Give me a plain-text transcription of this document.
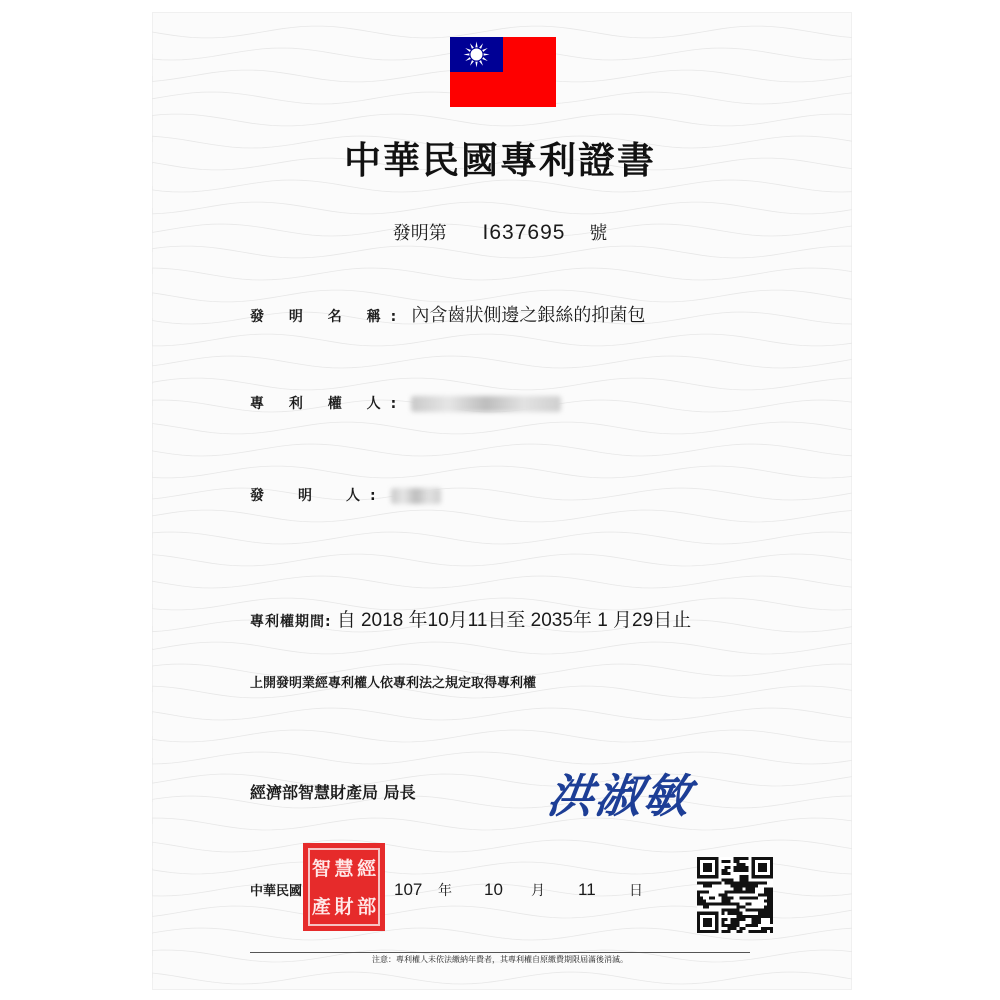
中華民國專利證書
發明第 I637695 號
發 明 名 稱: 內含齒狀側邊之銀絲的抑菌包
專 利 權 人:
發　明　人:
專利權期間: 自 2018 年10月11日至 2035年 1 月29日止
上開發明業經專利權人依專利法之規定取得專利權
經濟部智慧財產局 局長	洪淑敏
中華民國
智 慧 經
產 財 部
107 年 10 月 11 日
注意：專利權人未依法繳納年費者，其專利權自原繳費期限屆滿後消滅。
